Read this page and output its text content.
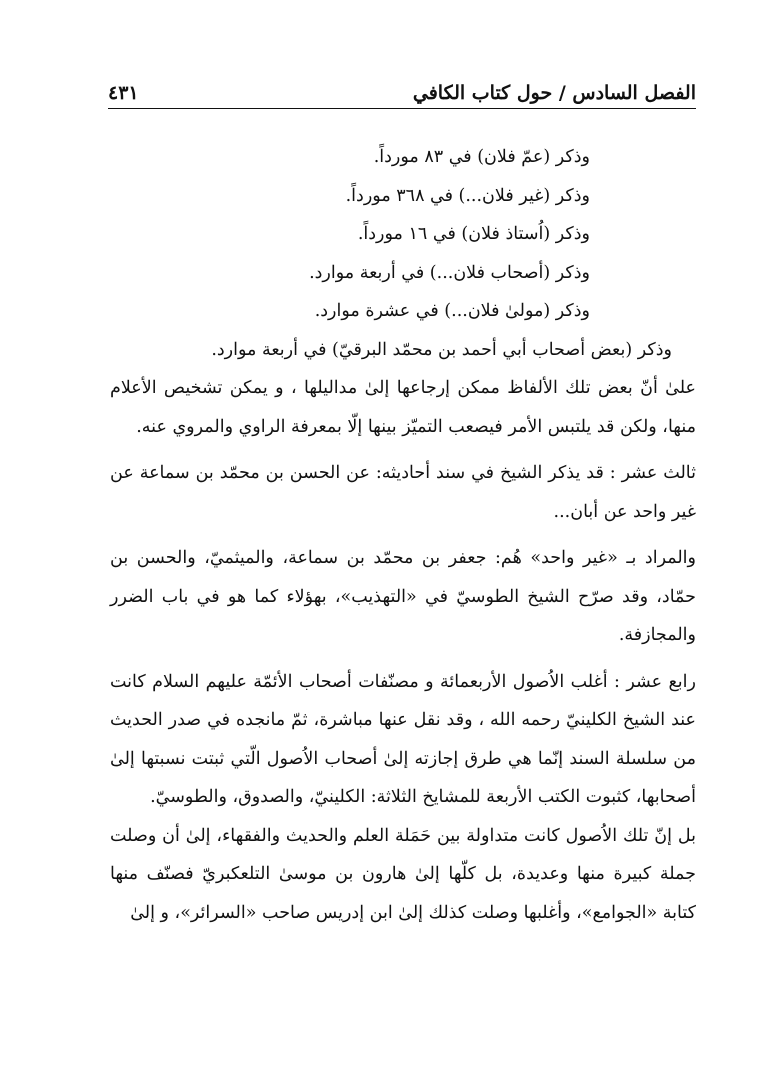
الفصل السادس / حول كتاب الكافي
٤٣١

وذكر (عمّ فلان) في ٨٣ مورداً.

وذكر (غير فلان...) في ٣٦٨ مورداً.

وذكر (اُستاذ فلان) في ١٦ مورداً.

وذكر (أصحاب فلان...) في أربعة موارد.

وذكر (مولىٰ فلان...) في عشرة موارد.

وذكر (بعض أصحاب أبي أحمد بن محمّد البرقيّ) في أربعة موارد.

علىٰ أنّ بعض تلك الألفاظ ممكن إرجاعها إلىٰ مداليلها ، و يمكن تشخيص الأعلام منها، ولكن قد يلتبس الأمر فيصعب التميّز بينها إلّا بمعرفة الراوي والمروي عنه.

ثالث عشر : قد يذكر الشيخ في سند أحاديثه: عن الحسن بن محمّد بن سماعة عن غير واحد عن أبان...

والمراد بـ «غير واحد» هُم: جعفر بن محمّد بن سماعة، والميثميّ، والحسن بن حمّاد، وقد صرّح الشيخ الطوسيّ في «التهذيب»، بهؤلاء كما هو في باب الضرر والمجازفة.

رابع عشر : أغلب الاُصول الأربعمائة و مصنّفات أصحاب الأئمّة عليهم السلام كانت عند الشيخ الكلينيّ رحمه الله ، وقد نقل عنها مباشرة، ثمّ مانجده في صدر الحديث من سلسلة السند إنّما هي طرق إجازته إلىٰ أصحاب الاُصول الّتي ثبتت نسبتها إلىٰ أصحابها، كثبوت الكتب الأربعة للمشايخ الثلاثة: الكلينيّ، والصدوق، والطوسيّ.

بل إنّ تلك الاُصول كانت متداولة بين حَمَلة العلم والحديث والفقهاء، إلىٰ أن وصلت جملة كبيرة منها وعديدة، بل كلّها إلىٰ هارون بن موسىٰ التلعكبريّ فصنّف منها كتابة «الجوامع»، وأغلبها وصلت كذلك إلىٰ ابن إدريس صاحب «السرائر»، و إلىٰ
